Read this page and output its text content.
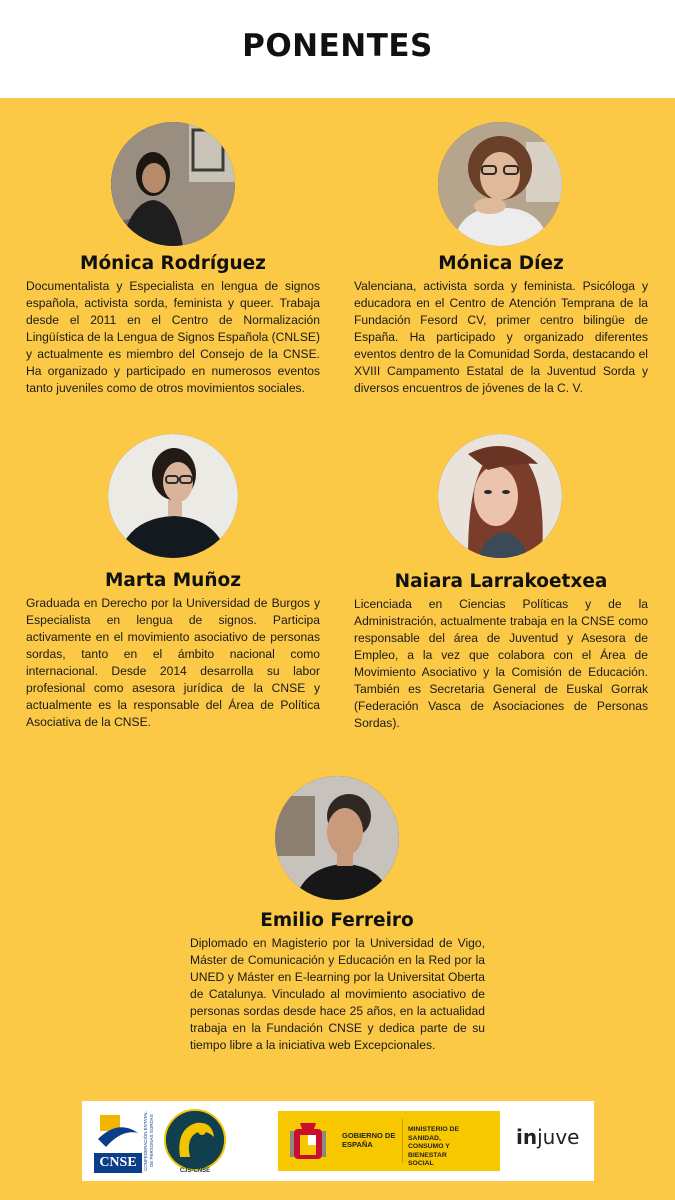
PONENTES
Mónica Rodríguez

Documentalista y Especialista en lengua de signos española, activista sorda, feminista y queer. Trabaja desde el 2011 en el Centro de Normalización Lingüística de la Lengua de Signos Española (CNLSE) y actualmente es miembro del Consejo de la CNSE. Ha organizado y participado en numerosos eventos tanto juveniles como de otros movimientos sociales.

Mónica Díez

Valenciana, activista sorda y feminista. Psicóloga y educadora en el Centro de Atención Temprana de la Fundación Fesord CV, primer centro bilingüe de España. Ha participado y organizado diferentes eventos dentro de la Comunidad Sorda, destacando el XVIII Campamento Estatal de la Juventud Sorda y diversos encuentros de jóvenes de la C. V.

Marta Muñoz

Graduada en Derecho por la Universidad de Burgos y Especialista en lengua de signos. Participa activamente en el movimiento asociativo de personas sordas, tanto en el ámbito nacional como internacional. Desde 2014 desarrolla su labor profesional como asesora jurídica de la CNSE y actualmente es la responsable del Área de Política Asociativa de la CNSE.

Naiara Larrakoetxea

Licenciada en Ciencias Políticas y de la Administración, actualmente trabaja en la CNSE como responsable del área de Juventud y Asesora de Empleo, a la vez que colabora con el Área de Movimiento Asociativo y la Comisión de Educación. También es Secretaria General de Euskal Gorrak (Federación Vasca de Asociaciones de Personas Sordas).

Emilio Ferreiro

Diplomado en Magisterio por la Universidad de Vigo, Máster de Comunicación y Educación en la Red por la UNED y Máster en E-learning por la Universitat Oberta de Catalunya. Vinculado al movimiento asociativo de personas sordas desde hace 25 años, en la actualidad trabaja en la Fundación CNSE y dedica parte de su tiempo libre a la iniciativa web Excepcionales.

CNSE	CONFEDERACIÓN ESTATAL DE PERSONAS SORDAS
CJS-CNSE
GOBIERNO DE ESPAÑA
MINISTERIO DE SANIDAD, CONSUMO Y BIENESTAR SOCIAL
injuve
